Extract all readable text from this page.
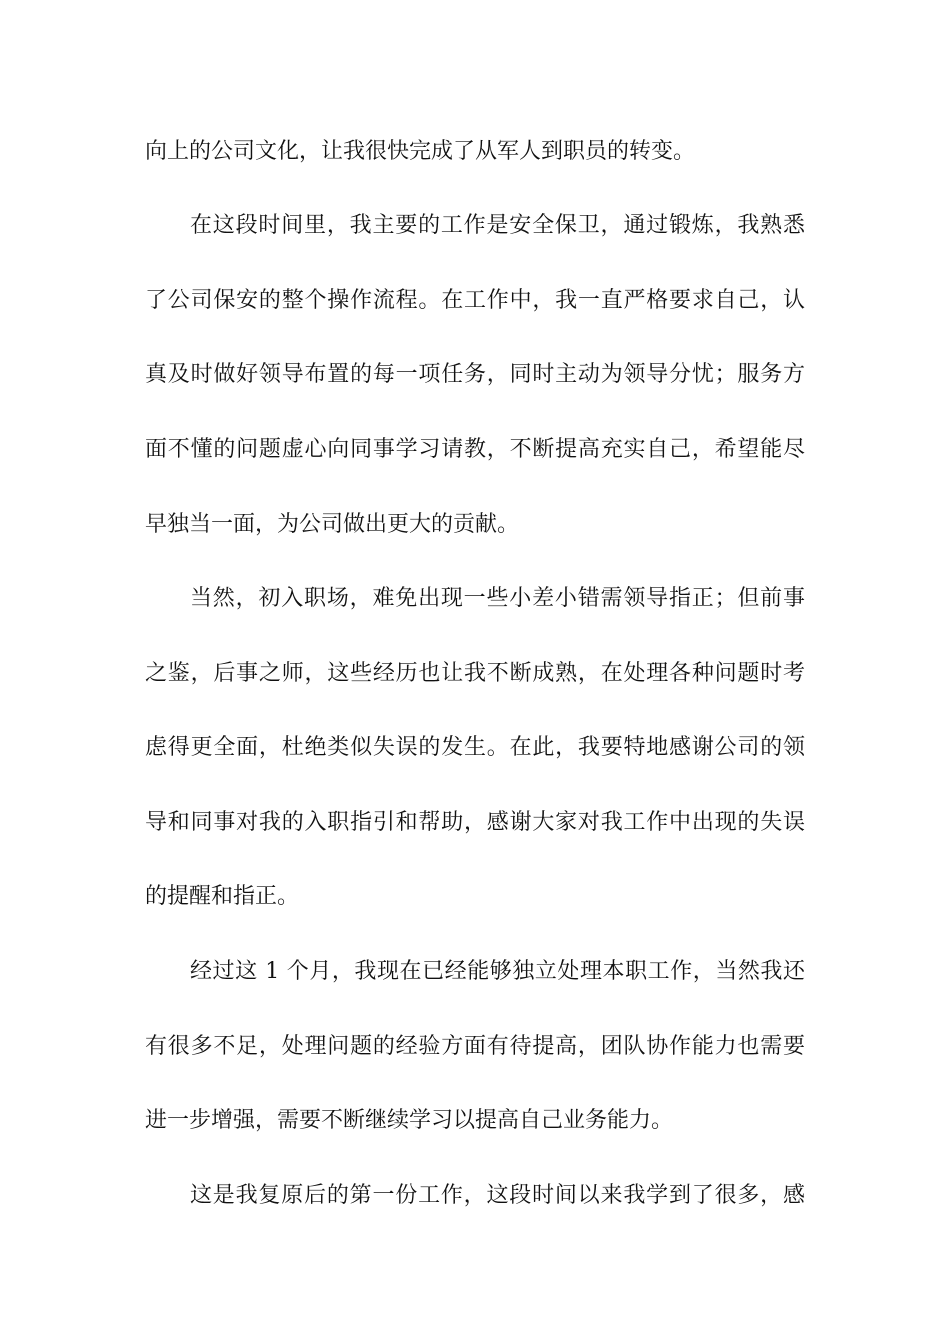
向上的公司文化，让我很快完成了从军人到职员的转变。
在这段时间里，我主要的工作是安全保卫，通过锻炼，我熟悉
了公司保安的整个操作流程。在工作中，我一直严格要求自己，认
真及时做好领导布置的每一项任务，同时主动为领导分忧；服务方
面不懂的问题虚心向同事学习请教，不断提高充实自己，希望能尽
早独当一面，为公司做出更大的贡献。
当然，初入职场，难免出现一些小差小错需领导指正；但前事
之鉴，后事之师，这些经历也让我不断成熟，在处理各种问题时考
虑得更全面，杜绝类似失误的发生。在此，我要特地感谢公司的领
导和同事对我的入职指引和帮助，感谢大家对我工作中出现的失误
的提醒和指正。
经过这 1 个月，我现在已经能够独立处理本职工作，当然我还
有很多不足，处理问题的经验方面有待提高，团队协作能力也需要
进一步增强，需要不断继续学习以提高自己业务能力。
这是我复原后的第一份工作，这段时间以来我学到了很多，感
